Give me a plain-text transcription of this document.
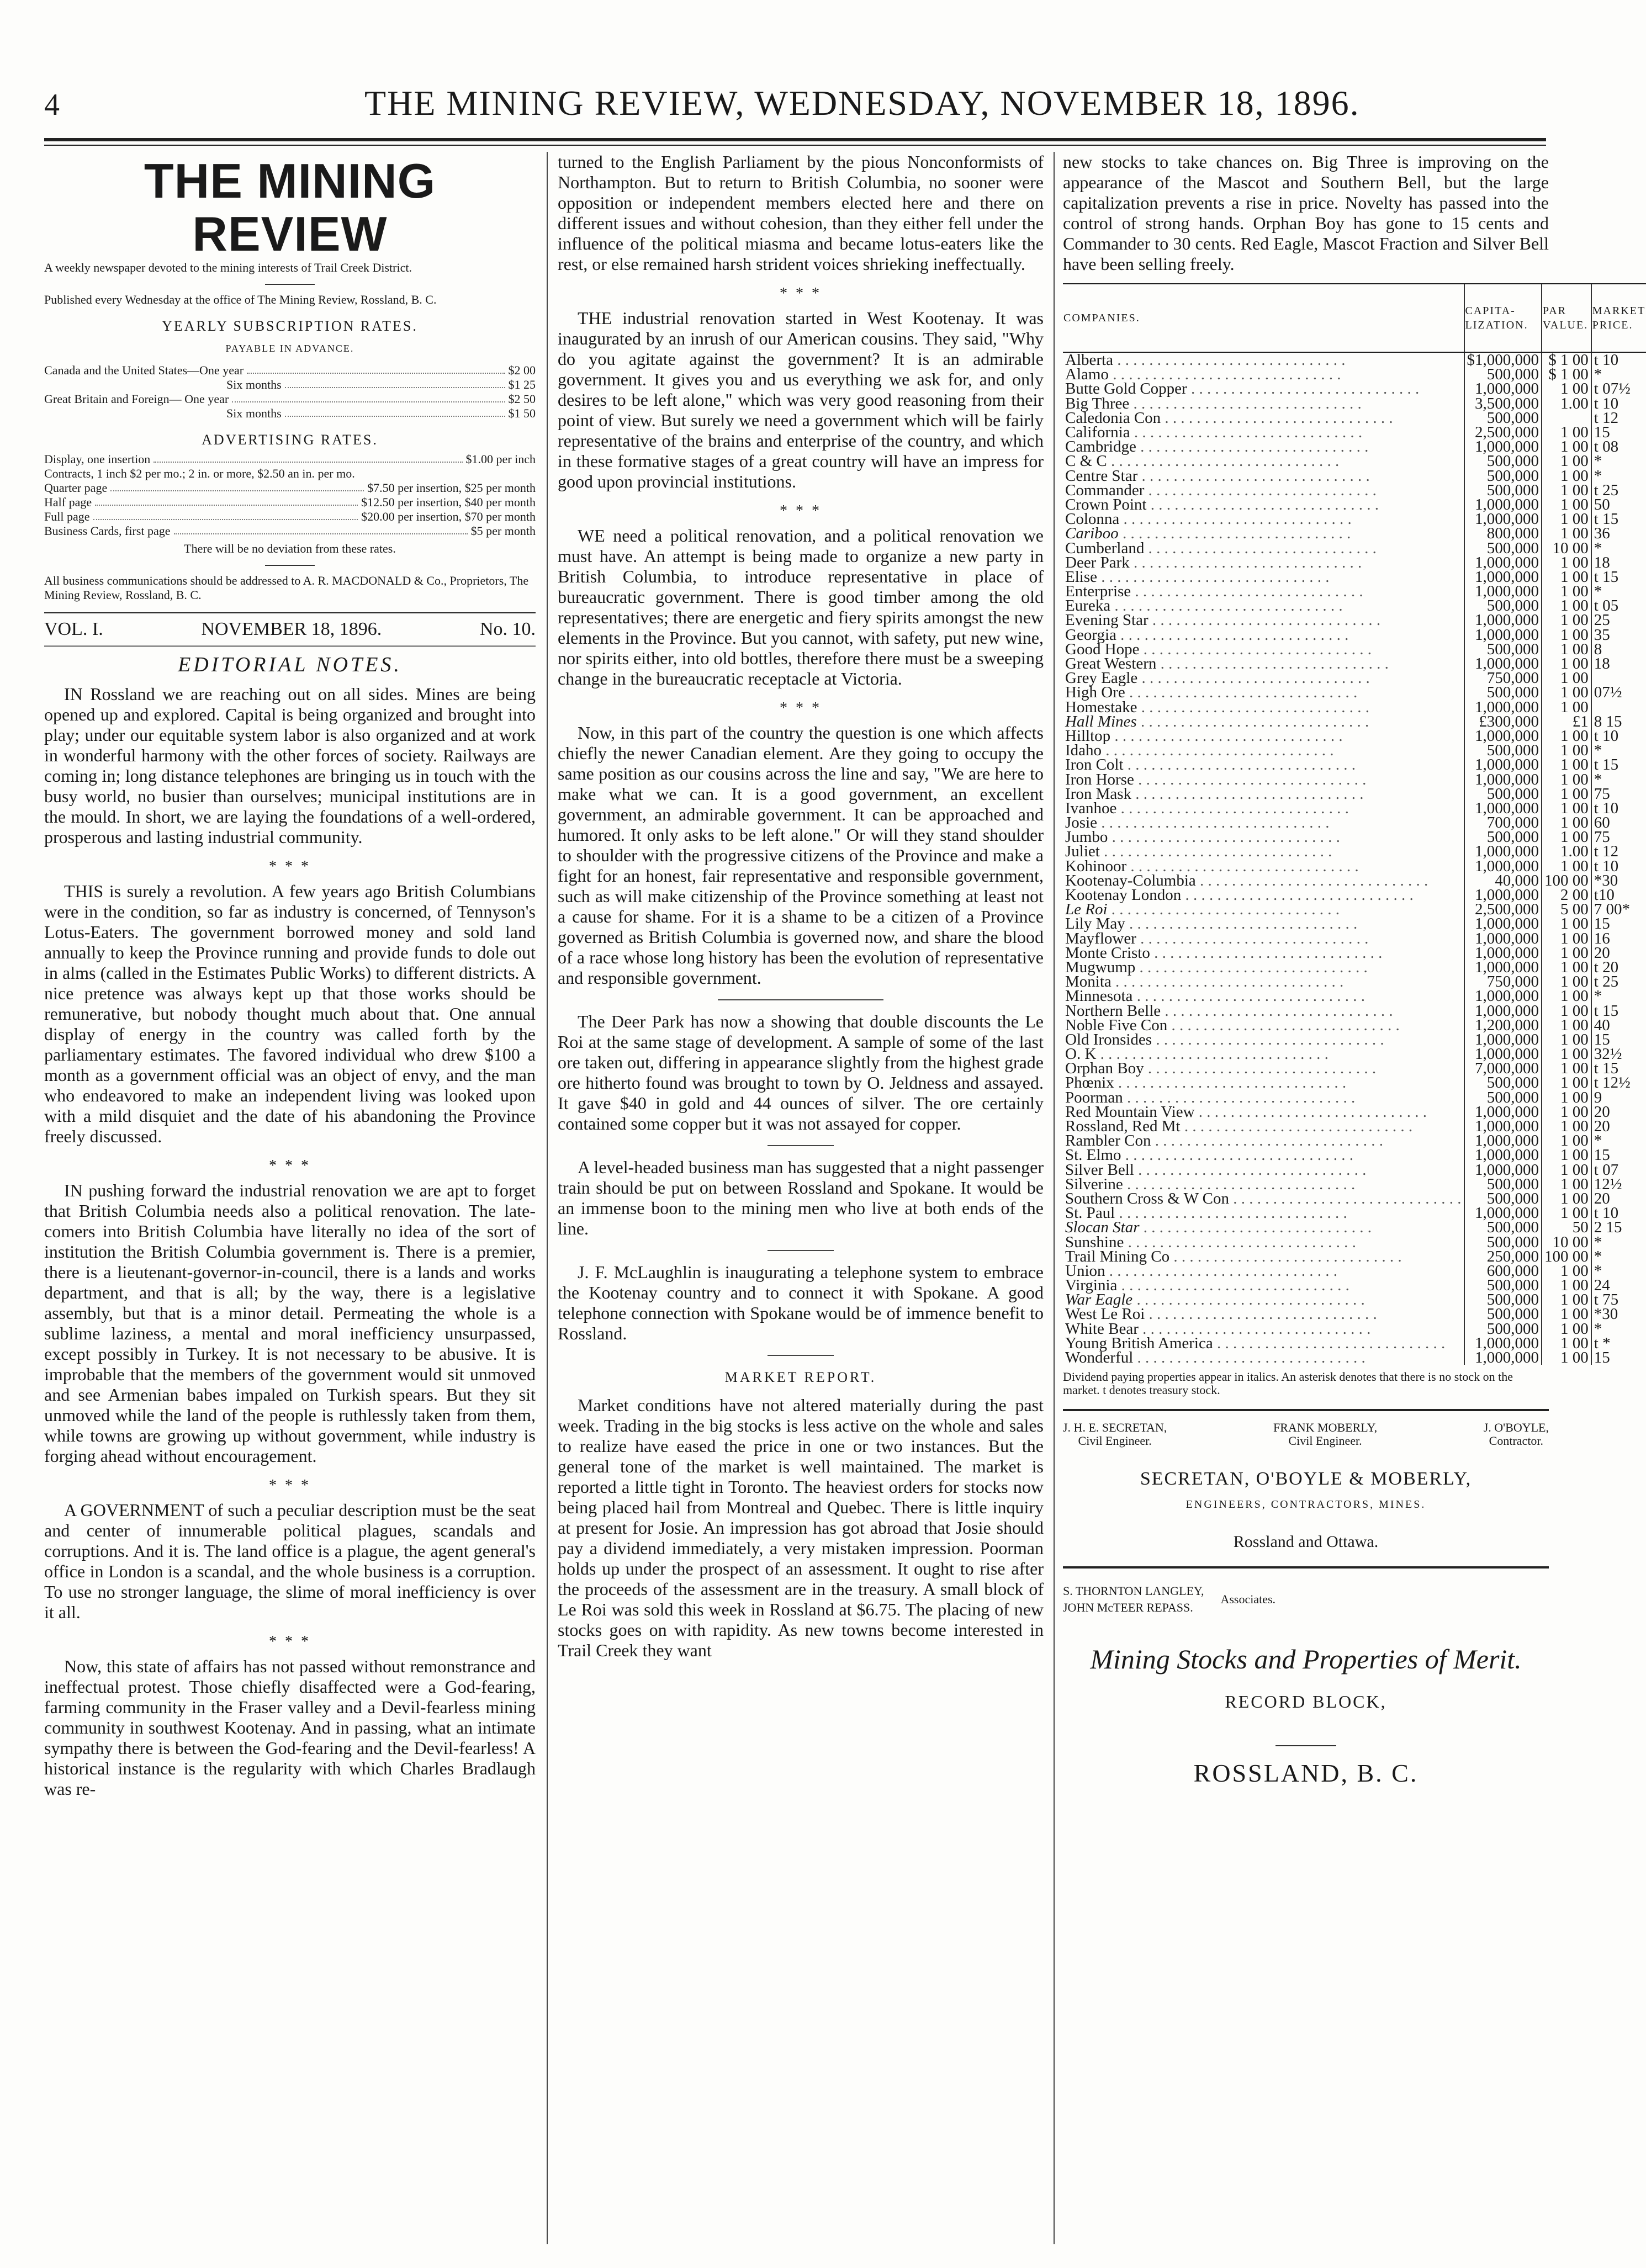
4	THE MINING REVIEW, WEDNESDAY, NOVEMBER 18, 1896.
THE MINING REVIEW

A weekly newspaper devoted to the mining interests of Trail Creek District.

Published every Wednesday at the office of The Mining Review, Rossland, B. C.

YEARLY SUBSCRIPTION RATES.
PAYABLE IN ADVANCE.
Canada and the United States—One year	$2 00
Six months	$1 25
Great Britain and Foreign— One year	$2 50
Six months	$1 50
ADVERTISING RATES.
Display, one insertion	$1.00 per inch
Contracts, 1 inch $2 per mo.; 2 in. or more, $2.50 an in. per mo.
Quarter page	$7.50 per insertion, $25 per month
Half page	$12.50 per insertion, $40 per month
Full page	$20.00 per insertion, $70 per month
Business Cards, first page	$5 per month

There will be no deviation from these rates.

All business communications should be addressed to A. R. MACDONALD & Co., Proprietors, The Mining Review, Rossland, B. C.

VOL. I.	NOVEMBER 18, 1896.	No. 10.
EDITORIAL NOTES.

IN Rossland we are reaching out on all sides. Mines are being opened up and explored. Capital is being organized and brought into play; under our equitable system labor is also organized and at work in wonderful harmony with the other forces of society. Railways are coming in; long distance telephones are bringing us in touch with the busy world, no busier than ourselves; municipal institutions are in the mould. In short, we are laying the foundations of a well-ordered, prosperous and lasting industrial community.

* * *

THIS is surely a revolution. A few years ago British Columbians were in the condition, so far as industry is concerned, of Tennyson's Lotus-Eaters. The government borrowed money and sold land annually to keep the Province running and provide funds to dole out in alms (called in the Estimates Public Works) to different districts. A nice pretence was always kept up that those works should be remunerative, but nobody thought much about that. One annual display of energy in the country was called forth by the parliamentary estimates. The favored individual who drew $100 a month as a government official was an object of envy, and the man who endeavored to make an independent living was looked upon with a mild disquiet and the date of his abandoning the Province freely discussed.

* * *

IN pushing forward the industrial renovation we are apt to forget that British Columbia needs also a political renovation. The late-comers into British Columbia have literally no idea of the sort of institution the British Columbia government is. There is a premier, there is a lieutenant-governor-in-council, there is a lands and works department, and that is all; by the way, there is a legislative assembly, but that is a minor detail. Permeating the whole is a sublime laziness, a mental and moral inefficiency unsurpassed, except possibly in Turkey. It is not necessary to be abusive. It is improbable that the members of the government would sit unmoved and see Armenian babes impaled on Turkish spears. But they sit unmoved while the land of the people is ruthlessly taken from them, while towns are growing up without government, while industry is forging ahead without encouragement.

* * *

A GOVERNMENT of such a peculiar description must be the seat and center of innumerable political plagues, scandals and corruptions. And it is. The land office is a plague, the agent general's office in London is a scandal, and the whole business is a corruption. To use no stronger language, the slime of moral inefficiency is over it all.

* * *

Now, this state of affairs has not passed without remonstrance and ineffectual protest. Those chiefly disaffected were a God-fearing, farming community in the Fraser valley and a Devil-fearless mining community in southwest Kootenay. And in passing, what an intimate sympathy there is between the God-fearing and the Devil-fearless! A historical instance is the regularity with which Charles Bradlaugh was re-

turned to the English Parliament by the pious Nonconformists of Northampton. But to return to British Columbia, no sooner were opposition or independent members elected here and there on different issues and without cohesion, than they either fell under the influence of the political miasma and became lotus-eaters like the rest, or else remained harsh strident voices shrieking ineffectually.

* * *

THE industrial renovation started in West Kootenay. It was inaugurated by an inrush of our American cousins. They said, "Why do you agitate against the government? It is an admirable government. It gives you and us everything we ask for, and only desires to be left alone," which was very good reasoning from their point of view. But surely we need a government which will be fairly representative of the brains and enterprise of the country, and which in these formative stages of a great country will have an impress for good upon provincial institutions.

* * *

WE need a political renovation, and a political renovation we must have. An attempt is being made to organize a new party in British Columbia, to introduce representative in place of bureaucratic government. There is good timber among the old representatives; there are energetic and fiery spirits amongst the new elements in the Province. But you cannot, with safety, put new wine, nor spirits either, into old bottles, therefore there must be a sweeping change in the bureaucratic receptacle at Victoria.

* * *

Now, in this part of the country the question is one which affects chiefly the newer Canadian element. Are they going to occupy the same position as our cousins across the line and say, "We are here to make what we can. It is a good government, an excellent government, an admirable government. It can be approached and humored. It only asks to be left alone." Or will they stand shoulder to shoulder with the progressive citizens of the Province and make a fight for an honest, fair representative and responsible government, such as will make citizenship of the Province something at least not a cause for shame. For it is a shame to be a citizen of a Province governed as British Columbia is governed now, and share the blood of a race whose long history has been the evolution of representative and responsible government.

The Deer Park has now a showing that double discounts the Le Roi at the same stage of development. A sample of some of the last ore taken out, differing in appearance slightly from the highest grade ore hitherto found was brought to town by O. Jeldness and assayed. It gave $40 in gold and 44 ounces of silver. The ore certainly contained some copper but it was not assayed for copper.

A level-headed business man has suggested that a night passenger train should be put on between Rossland and Spokane. It would be an immense boon to the mining men who live at both ends of the line.

J. F. McLaughlin is inaugurating a telephone system to embrace the Kootenay country and to connect it with Spokane. A good telephone connection with Spokane would be of immence benefit to Rossland.

MARKET REPORT.

Market conditions have not altered materially during the past week. Trading in the big stocks is less active on the whole and sales to realize have eased the price in one or two instances. But the general tone of the market is well maintained. The market is reported a little tight in Toronto. The heaviest orders for stocks now being placed hail from Montreal and Quebec. There is little inquiry at present for Josie. An impression has got abroad that Josie should pay a dividend immediately, a very mistaken impression. Poorman holds up under the prospect of an assessment. It ought to rise after the proceeds of the assessment are in the treasury. A small block of Le Roi was sold this week in Rossland at $6.75. The placing of new stocks goes on with rapidity. As new towns become interested in Trail Creek they want

new stocks to take chances on. Big Three is improving on the appearance of the Mascot and Southern Bell, but the large capitalization prevents a rise in price. Novelty has passed into the control of strong hands. Orphan Boy has gone to 15 cents and Commander to 30 cents. Red Eagle, Mascot Fraction and Silver Bell have been selling freely.

COMPANIES.	CAPITA-LIZATION.	PAR VALUE.	MARKET PRICE.
Alberta . . .	$1,000,000	$ 1 00	t 10
Alamo . . .	500,000	$ 1 00	*
Butte Gold Copper . . .	1,000,000	1 00	t 07½
Big Three . . .	3,500,000	1.00	t 10
Caledonia Con . . .	500,000		t 12
California . . .	2,500,000	1 00	15
Cambridge . . .	1,000,000	1 00	t 08
C & C . . .	500,000	1 00	*
Centre Star . . .	500,000	1 00	*
Commander . . .	500,000	1 00	t 25
Crown Point . . .	1,000,000	1 00	50
Colonna . . .	1,000,000	1 00	t 15
Cariboo . . .	800,000	1 00	36
Cumberland . . .	500,000	10 00	*
Deer Park . . .	1,000,000	1 00	18
Elise . . .	1,000,000	1 00	t 15
Enterprise . . .	1,000,000	1 00	*
Eureka . . .	500,000	1 00	t 05
Evening Star . . .	1,000,000	1 00	25
Georgia . . .	1,000,000	1 00	35
Good Hope . . .	500,000	1 00	8
Great Western . . .	1,000,000	1 00	18
Grey Eagle . . .	750,000	1 00	
High Ore . . .	500,000	1 00	07½
Homestake . . .	1,000,000	1 00	
Hall Mines . . .	£300,000	£1	8 15
Hilltop . . .	1,000,000	1 00	t 10
Idaho . . .	500,000	1 00	*
Iron Colt . . .	1,000,000	1 00	t 15
Iron Horse . . .	1,000,000	1 00	*
Iron Mask . . .	500,000	1 00	75
Ivanhoe . . .	1,000,000	1 00	t 10
Josie . . .	700,000	1 00	60
Jumbo . . .	500,000	1 00	75
Juliet . . .	1,000,000	1.00	t 12
Kohinoor . . .	1,000,000	1 00	t 10
Kootenay-Columbia . . .	40,000	100 00	*30
Kootenay London . . .	1,000,000	2 00	t10
Le Roi . . .	2,500,000	5 00	7 00*
Lily May . . .	1,000,000	1 00	15
Mayflower . . .	1,000,000	1 00	16
Monte Cristo . . .	1,000,000	1 00	20
Mugwump . . .	1,000,000	1 00	t 20
Monita . . .	750,000	1 00	t 25
Minnesota . . .	1,000,000	1 00	*
Northern Belle . . .	1,000,000	1 00	t 15
Noble Five Con . . .	1,200,000	1 00	40
Old Ironsides . . .	1,000,000	1 00	15
O. K . . .	1,000,000	1 00	32½
Orphan Boy . . .	7,000,000	1 00	t 15
Phœnix . . .	500,000	1 00	t 12½
Poorman . . .	500,000	1 00	9
Red Mountain View . . .	1,000,000	1 00	20
Rossland, Red Mt . . .	1,000,000	1 00	20
Rambler Con . . .	1,000,000	1 00	*
St. Elmo . . .	1,000,000	1 00	15
Silver Bell . . .	1,000,000	1 00	t 07
Silverine . . .	500,000	1 00	12½
Southern Cross & W Con . . .	500,000	1 00	20
St. Paul . . .	1,000,000	1 00	t 10
Slocan Star . . .	500,000	50	2 15
Sunshine . . .	500,000	10 00	*
Trail Mining Co . . .	250,000	100 00	*
Union . . .	600,000	1 00	*
Virginia . . .	500,000	1 00	24
War Eagle . . .	500,000	1 00	t 75
West Le Roi . . .	500,000	1 00	*30
White Bear . . .	500,000	1 00	*
Young British America . . .	1,000,000	1 00	t *
Wonderful . . .	1,000,000	1 00	15

Dividend paying properties appear in italics. An asterisk denotes that there is no stock on the market. t denotes treasury stock.

J. H. E. SECRETAN,
Civil Engineer.
FRANK MOBERLY,
Civil Engineer.
J. O'BOYLE,
Contractor.
SECRETAN, O'BOYLE & MOBERLY,
ENGINEERS, CONTRACTORS, MINES.
Rossland and Ottawa.
S. THORNTON LANGLEY,
JOHN McTEER REPASS.
Associates.
Mining Stocks and Properties of Merit.
RECORD BLOCK,
ROSSLAND, B. C.
